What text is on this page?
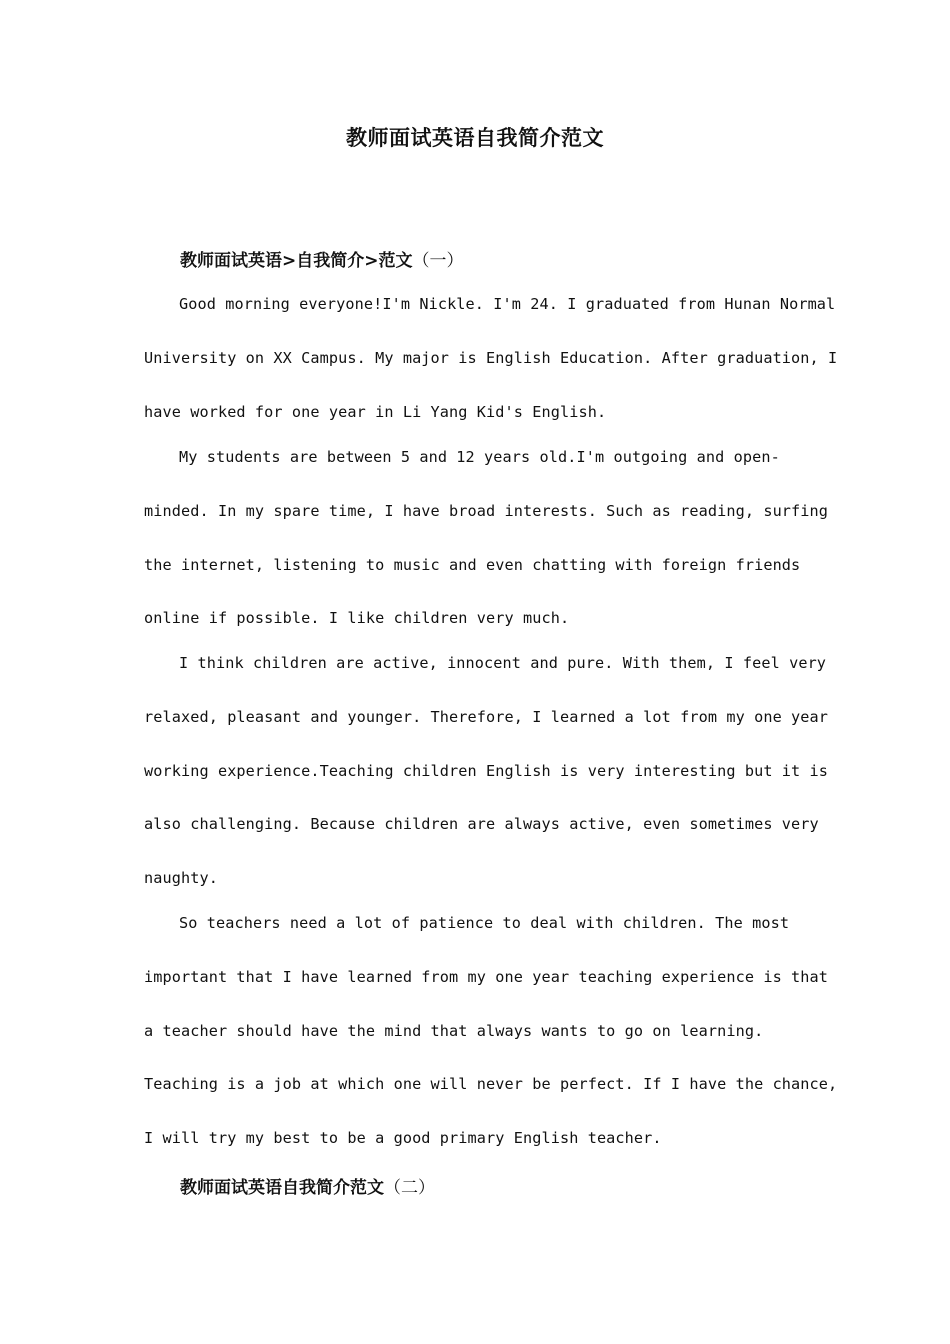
教师面试英语自我简介范文
教师面试英语>自我简介>范文（一）
Good morning everyone!I'm Nickle. I'm 24. I graduated from Hunan Normal
University on XX Campus. My major is English Education. After graduation, I
have worked for one year in Li Yang Kid's English.
My students are between 5 and 12 years old.I'm outgoing and open-
minded. In my spare time, I have broad interests. Such as reading, surfing
the internet, listening to music and even chatting with foreign friends
online if possible. I like children very much.
I think children are active, innocent and pure. With them, I feel very
relaxed, pleasant and younger. Therefore, I learned a lot from my one year
working experience.Teaching children English is very interesting but it is
also challenging. Because children are always active, even sometimes very
naughty.
So teachers need a lot of patience to deal with children. The most
important that I have learned from my one year teaching experience is that
a teacher should have the mind that always wants to go on learning.
Teaching is a job at which one will never be perfect. If I have the chance,
I will try my best to be a good primary English teacher.
教师面试英语自我简介范文（二）
